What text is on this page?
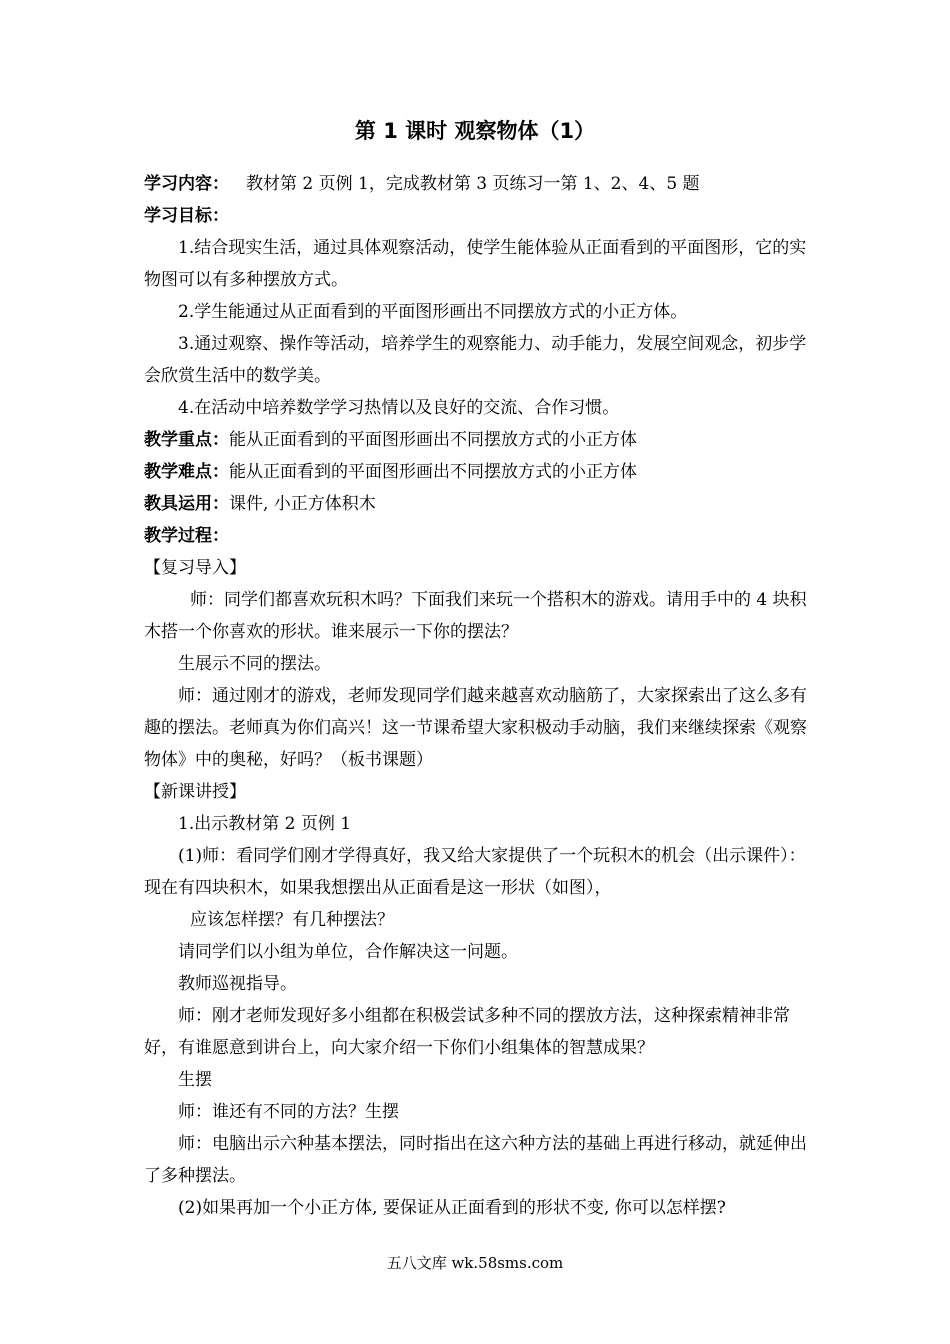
第 1 课时 观察物体（1）

学习内容： 教材第 2 页例 1，完成教材第 3 页练习一第 1、2、4、5 题

学习目标：

1.结合现实生活，通过具体观察活动，使学生能体验从正面看到的平面图形，它的实物图可以有多种摆放方式。

2.学生能通过从正面看到的平面图形画出不同摆放方式的小正方体。

3.通过观察、操作等活动，培养学生的观察能力、动手能力，发展空间观念，初步学会欣赏生活中的数学美。

4.在活动中培养数学学习热情以及良好的交流、合作习惯。

教学重点：能从正面看到的平面图形画出不同摆放方式的小正方体

教学难点：能从正面看到的平面图形画出不同摆放方式的小正方体

教具运用：课件, 小正方体积木

教学过程：

【复习导入】

师：同学们都喜欢玩积木吗？下面我们来玩一个搭积木的游戏。请用手中的 4 块积木搭一个你喜欢的形状。谁来展示一下你的摆法？

生展示不同的摆法。

师：通过刚才的游戏，老师发现同学们越来越喜欢动脑筋了，大家探索出了这么多有趣的摆法。老师真为你们高兴！这一节课希望大家积极动手动脑，我们来继续探索《观察物体》中的奥秘，好吗？（板书课题）

【新课讲授】

1.出示教材第 2 页例 1

(1)师：看同学们刚才学得真好，我又给大家提供了一个玩积木的机会（出示课件）：现在有四块积木，如果我想摆出从正面看是这一形状（如图），

应该怎样摆？有几种摆法？

请同学们以小组为单位，合作解决这一问题。

教师巡视指导。

师：刚才老师发现好多小组都在积极尝试多种不同的摆放方法，这种探索精神非常好，有谁愿意到讲台上，向大家介绍一下你们小组集体的智慧成果？

生摆

师：谁还有不同的方法？生摆

师：电脑出示六种基本摆法，同时指出在这六种方法的基础上再进行移动，就延伸出了多种摆法。

(2)如果再加一个小正方体, 要保证从正面看到的形状不变, 你可以怎样摆?

五八文库 wk.58sms.com
